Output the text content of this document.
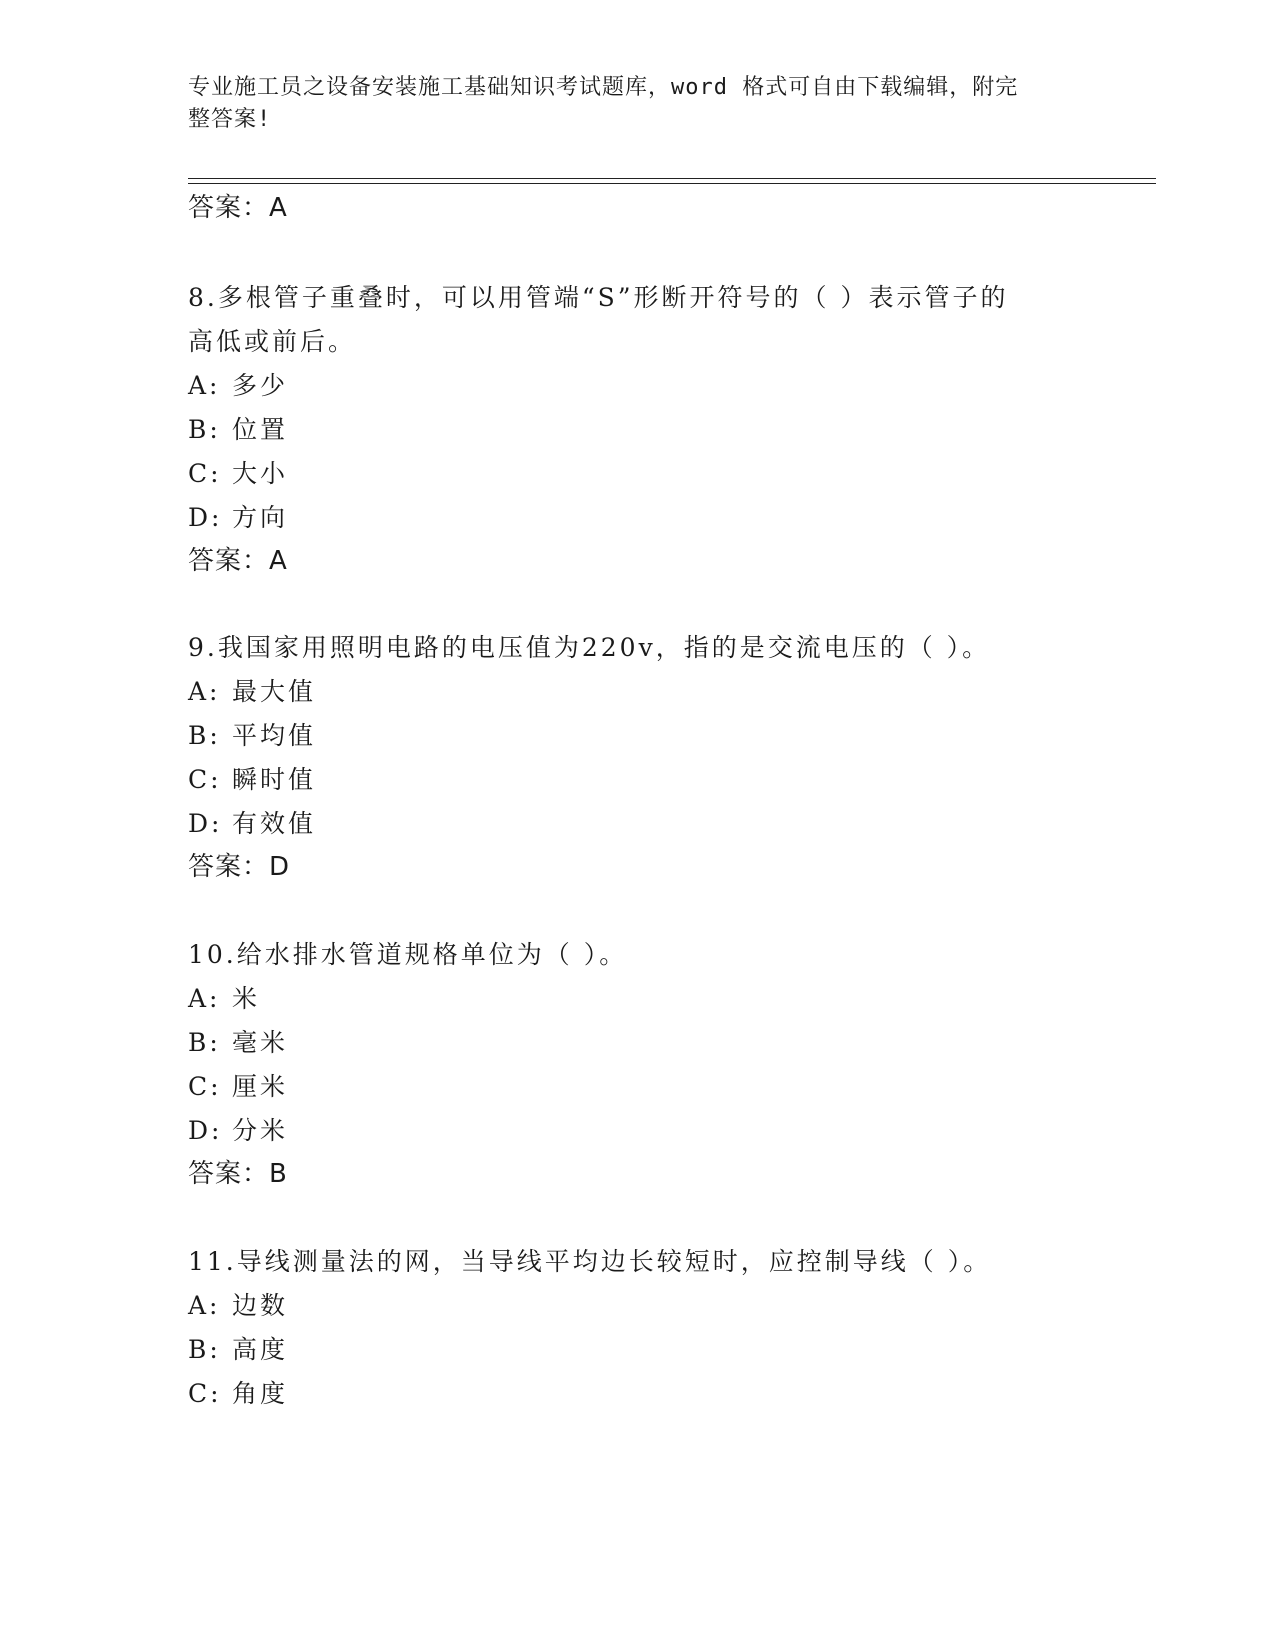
专业施工员之设备安装施工基础知识考试题库，word 格式可自由下载编辑，附完
整答案!
答案：A
8.多根管子重叠时，可以用管端“S”形断开符号的（ ）表示管子的
高低或前后。
A: 多少
B: 位置
C: 大小
D: 方向
答案：A
9.我国家用照明电路的电压值为220v，指的是交流电压的（ ）。
A: 最大值
B: 平均值
C: 瞬时值
D: 有效值
答案：D
10.给水排水管道规格单位为（ ）。
A: 米
B: 毫米
C: 厘米
D: 分米
答案：B
11.导线测量法的网，当导线平均边长较短时，应控制导线（ ）。
A: 边数
B: 高度
C: 角度
